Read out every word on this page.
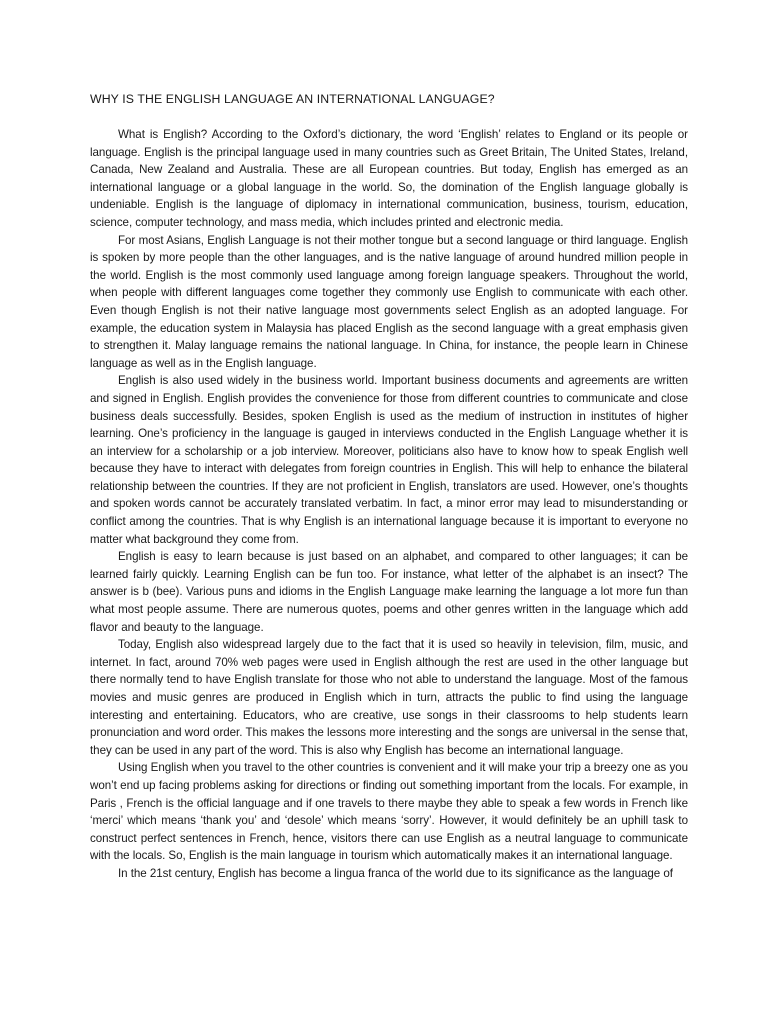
WHY IS THE ENGLISH LANGUAGE AN INTERNATIONAL LANGUAGE?

What is English? According to the Oxford’s dictionary, the word ‘English’ relates to England or its people or language. English is the principal language used in many countries such as Greet Britain, The United States, Ireland, Canada, New Zealand and Australia. These are all European countries. But today, English has emerged as an international language or a global language in the world. So, the domination of the English language globally is undeniable. English is the language of diplomacy in international communication, business, tourism, education, science, computer technology, and mass media, which includes printed and electronic media.

For most Asians, English Language is not their mother tongue but a second language or third language. English is spoken by more people than the other languages, and is the native language of around hundred million people in the world. English is the most commonly used language among foreign language speakers. Throughout the world, when people with different languages come together they commonly use English to communicate with each other. Even though English is not their native language most governments select English as an adopted language. For example, the education system in Malaysia has placed English as the second language with a great emphasis given to strengthen it. Malay language remains the national language. In China, for instance, the people learn in Chinese language as well as in the English language.

English is also used widely in the business world. Important business documents and agreements are written and signed in English. English provides the convenience for those from different countries to communicate and close business deals successfully. Besides, spoken English is used as the medium of instruction in institutes of higher learning. One’s proficiency in the language is gauged in interviews conducted in the English Language whether it is an interview for a scholarship or a job interview. Moreover, politicians also have to know how to speak English well because they have to interact with delegates from foreign countries in English. This will help to enhance the bilateral relationship between the countries. If they are not proficient in English, translators are used. However, one’s thoughts and spoken words cannot be accurately translated verbatim. In fact, a minor error may lead to misunderstanding or conflict among the countries. That is why English is an international language because it is important to everyone no matter what background they come from.

English is easy to learn because is just based on an alphabet, and compared to other languages; it can be learned fairly quickly. Learning English can be fun too. For instance, what letter of the alphabet is an insect? The answer is b (bee). Various puns and idioms in the English Language make learning the language a lot more fun than what most people assume. There are numerous quotes, poems and other genres written in the language which add flavor and beauty to the language.

Today, English also widespread largely due to the fact that it is used so heavily in television, film, music, and internet. In fact, around 70% web pages were used in English although the rest are used in the other language but there normally tend to have English translate for those who not able to understand the language. Most of the famous movies and music genres are produced in English which in turn, attracts the public to find using the language interesting and entertaining. Educators, who are creative, use songs in their classrooms to help students learn pronunciation and word order. This makes the lessons more interesting and the songs are universal in the sense that, they can be used in any part of the word. This is also why English has become an international language.

Using English when you travel to the other countries is convenient and it will make your trip a breezy one as you won’t end up facing problems asking for directions or finding out something important from the locals. For example, in Paris , French is the official language and if one travels to there maybe they able to speak a few words in French like ‘merci’ which means ‘thank you’ and ‘desole’ which means ‘sorry’. However, it would definitely be an uphill task to construct perfect sentences in French, hence, visitors there can use English as a neutral language to communicate with the locals. So, English is the main language in tourism which automatically makes it an international language.

In the 21st century, English has become a lingua franca of the world due to its significance as the language of
